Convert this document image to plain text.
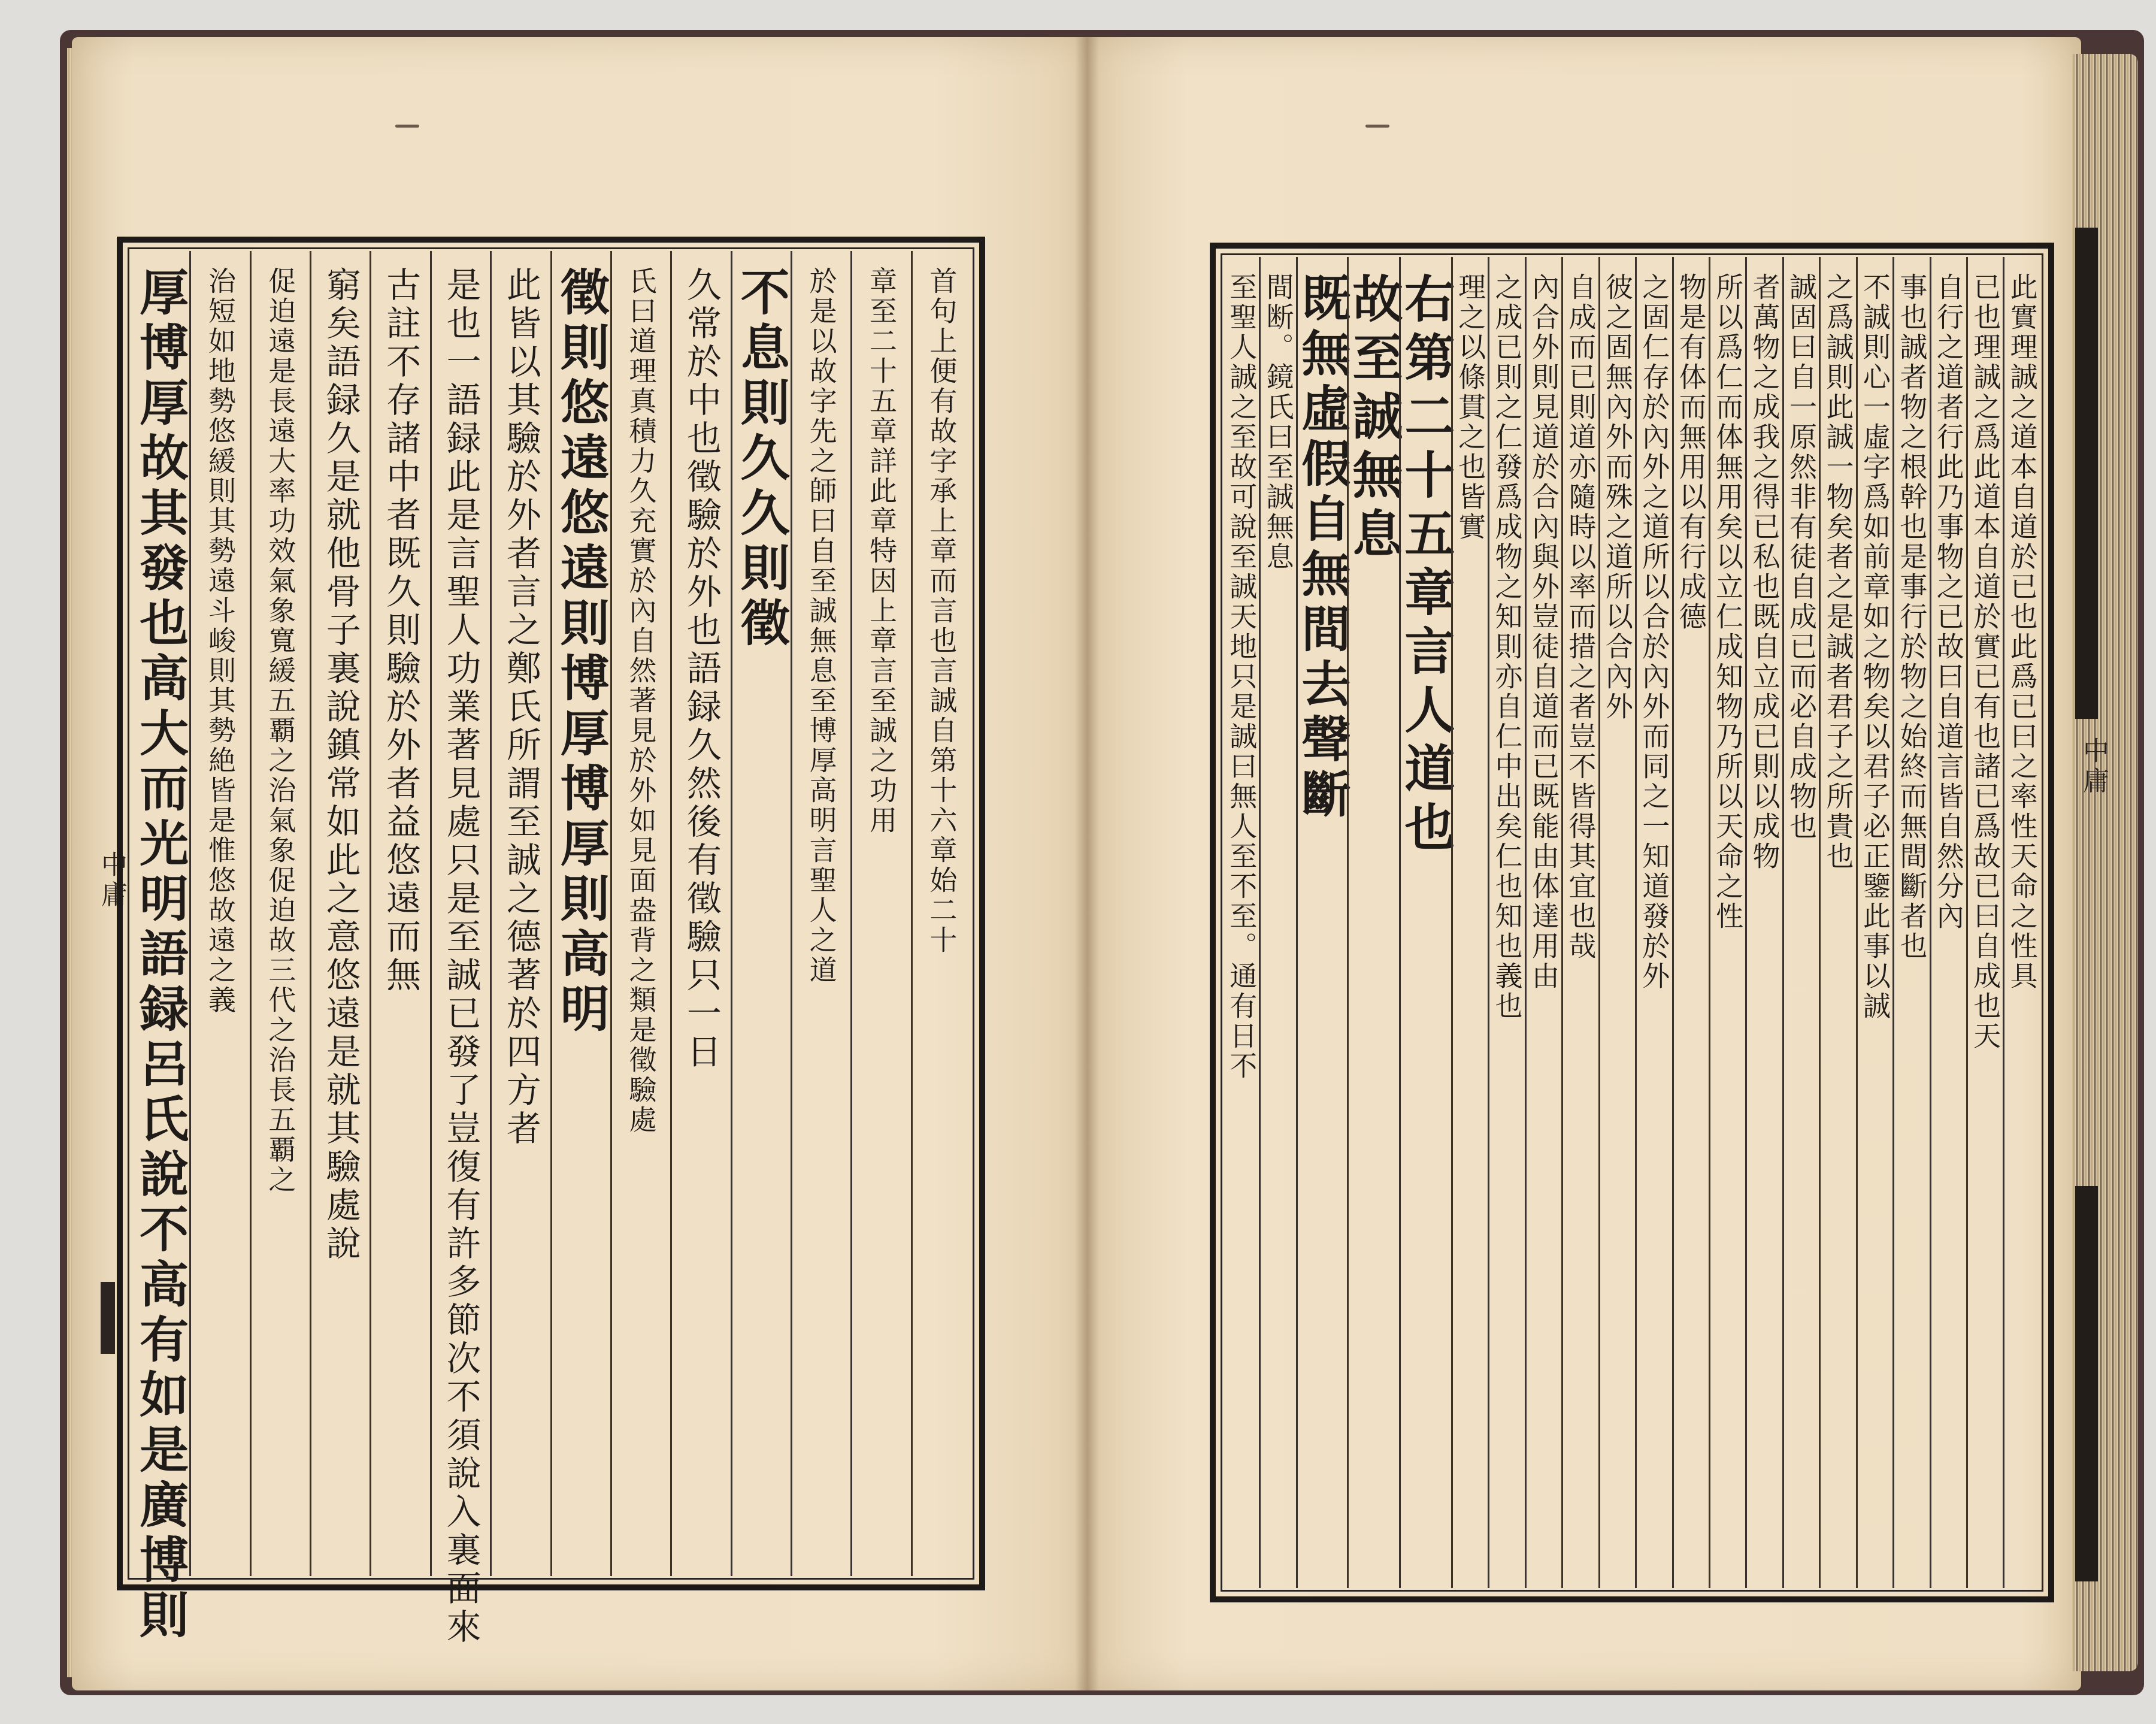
中庸
中庸
厚博厚故其發也高大而光明語録呂氏說不高有如是廣博則 治短如地勢悠緩則其勢遠斗峻則其勢絶皆是惟悠故遠之義 促迫遠是長遠大率功效氣象寬緩五覇之治氣象促迫故三代之治長五覇之 窮矣語録久是就他骨子裏說鎮常如此之意悠遠是就其驗處說 古註不存諸中者既久則驗於外者益悠遠而無 是也一語録此是言聖人功業著見處只是至誠已發了豈復有許多節次不須說入裏面來 此皆以其驗於外者言之鄭氏所謂至誠之德著於四方者 徵則悠遠悠遠則博厚博厚則高明 氏曰道理真積力久充實於內自然著見於外如見面盎背之類是徵驗處 久常於中也徵驗於外也語録久然後有徵驗只一日 不息則久久則徵 於是以故字先之師曰自至誠無息至博厚高明言聖人之道 章至二十五章詳此章特因上章言至誠之功用 首句上便有故字承上章而言也言誠自第十六章始二十	至聖人誠之至故可說至誠天地只是誠曰無人至不至。通有日不 間断。鏡氏曰至誠無息
既無虛假自無間去聲斷
故至誠無息
右第二十五章言人道也
理之以條貫之也皆實 之成已則之仁發爲成物之知則亦自仁中出矣仁也知也義也 內合外則見道於合內與外豈徒自道而已既能由体達用由 自成而已則道亦隨時以率而措之者豈不皆得其宜也哉 彼之固無內外而殊之道所以合內外 之固仁存於內外之道所以合於內外而同之一知道發於外 物是有体而無用以有行成德 所以爲仁而体無用矣以立仁成知物乃所以天命之性 者萬物之成我之得已私也既自立成已則以成物 誠固曰自一原然非有徒自成已而必自成物也 之爲誠則此誠一物矣者之是誠者君子之所貴也 不誠則心一虛字爲如前章如之物矣以君子必正鑒此事以誠 事也誠者物之根幹也是事行於物之始終而無間斷者也 自行之道者行此乃事物之已故曰自道言皆自然分內 已也理誠之爲此道本自道於實已有也諸已爲故已曰自成也天 此實理誠之道本自道於已也此爲已曰之率性天命之性具
